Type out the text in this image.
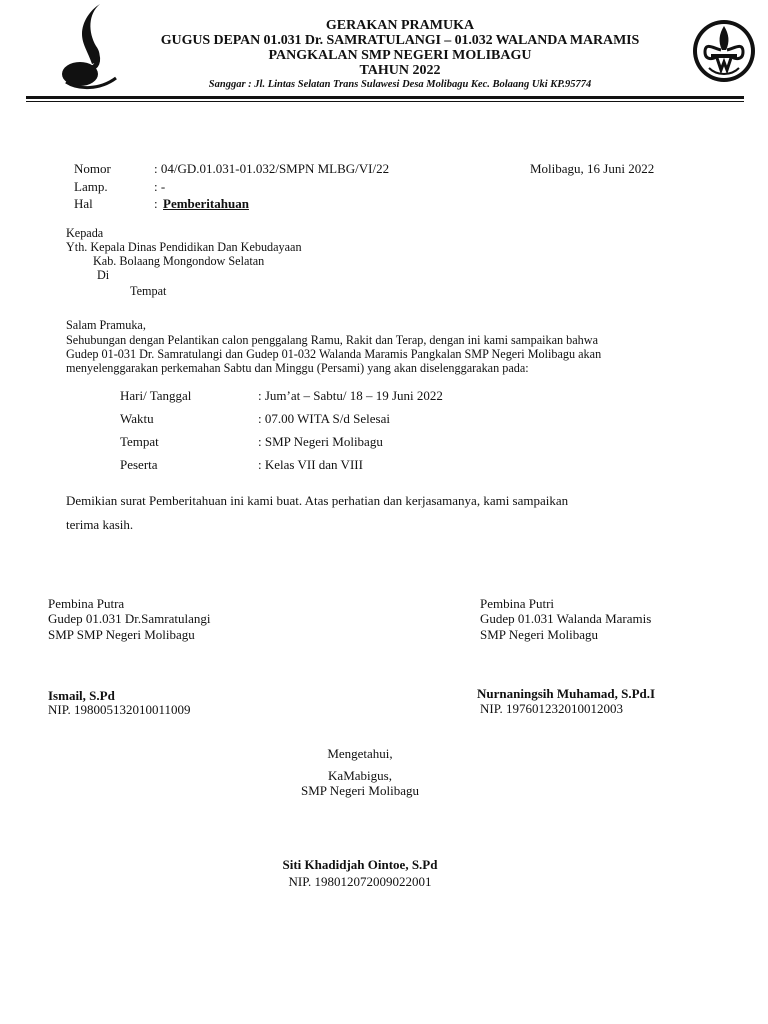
GERAKAN PRAMUKA
GUGUS DEPAN 01.031 Dr. SAMRATULANGI – 01.032 WALANDA MARAMIS
PANGKALAN SMP NEGERI MOLIBAGU
TAHUN 2022
Sanggar : Jl. Lintas Selatan Trans Sulawesi Desa Molibagu Kec. Bolaang Uki KP.95774
Nomor	: 04/GD.01.031-01.032/SMPN MLBG/VI/22	Molibagu, 16 Juni 2022
Lamp.	: -
Hal	: Pemberitahuan
Kepada
Yth. Kepala Dinas Pendidikan Dan Kebudayaan
Kab. Bolaang Mongondow Selatan
Di
Tempat
Salam Pramuka,
Sehubungan dengan Pelantikan calon penggalang Ramu, Rakit dan Terap, dengan ini kami sampaikan bahwa
Gudep 01-031 Dr. Samratulangi dan Gudep 01-032 Walanda Maramis Pangkalan SMP Negeri Molibagu akan
menyelenggarakan perkemahan Sabtu dan Minggu (Persami) yang akan diselenggarakan pada:
Hari/ Tanggal	: Jum’at – Sabtu/ 18 – 19 Juni 2022
Waktu	: 07.00 WITA S/d Selesai
Tempat	: SMP Negeri Molibagu
Peserta	: Kelas VII dan VIII
Demikian surat Pemberitahuan ini kami buat. Atas perhatian dan kerjasamanya, kami sampaikan
terima kasih.
Pembina Putra
Gudep 01.031 Dr.Samratulangi
SMP SMP Negeri Molibagu
Ismail, S.Pd
NIP. 198005132010011009
Pembina Putri
Gudep 01.031 Walanda Maramis
SMP Negeri Molibagu
Nurnaningsih Muhamad, S.Pd.I
NIP. 197601232010012003
Mengetahui,
KaMabigus,
SMP Negeri Molibagu
Siti Khadidjah Ointoe, S.Pd
NIP. 198012072009022001
